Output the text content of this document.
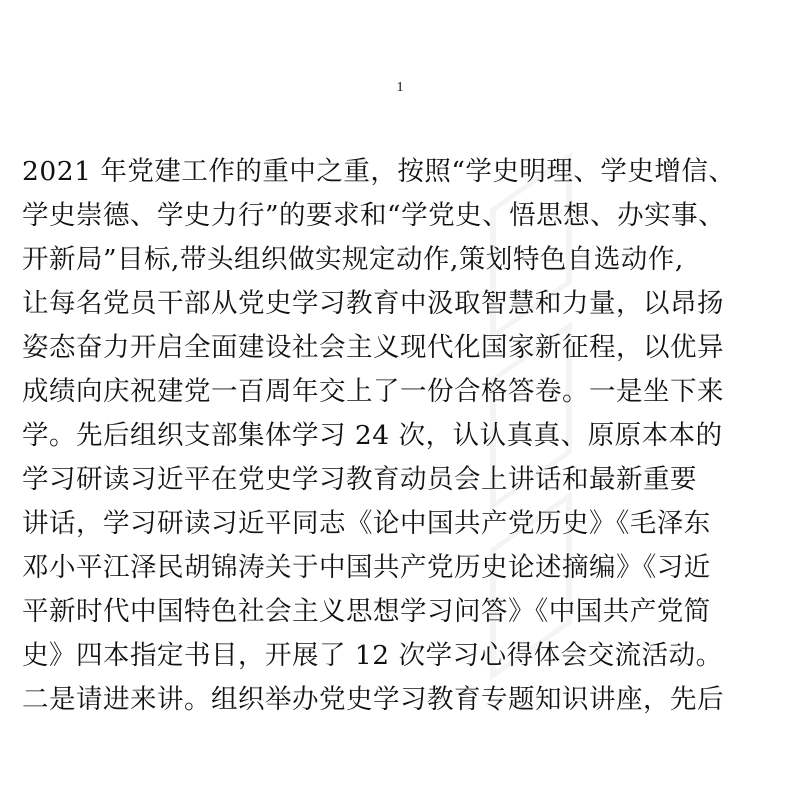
1

2021 年党建工作的重中之重，按照“学史明理、学史增信、
学史崇德、学史力行”的要求和“学党史、悟思想、办实事、
开新局”目标,带头组织做实规定动作,策划特色自选动作,
让每名党员干部从党史学习教育中汲取智慧和力量，以昂扬
姿态奋力开启全面建设社会主义现代化国家新征程，以优异
成绩向庆祝建党一百周年交上了一份合格答卷。一是坐下来
学。先后组织支部集体学习 24 次，认认真真、原原本本的
学习研读习近平在党史学习教育动员会上讲话和最新重要
讲话，学习研读习近平同志《论中国共产党历史》《毛泽东
邓小平江泽民胡锦涛关于中国共产党历史论述摘编》《习近
平新时代中国特色社会主义思想学习问答》《中国共产党简
史》四本指定书目，开展了 12 次学习心得体会交流活动。
二是请进来讲。组织举办党史学习教育专题知识讲座，先后
